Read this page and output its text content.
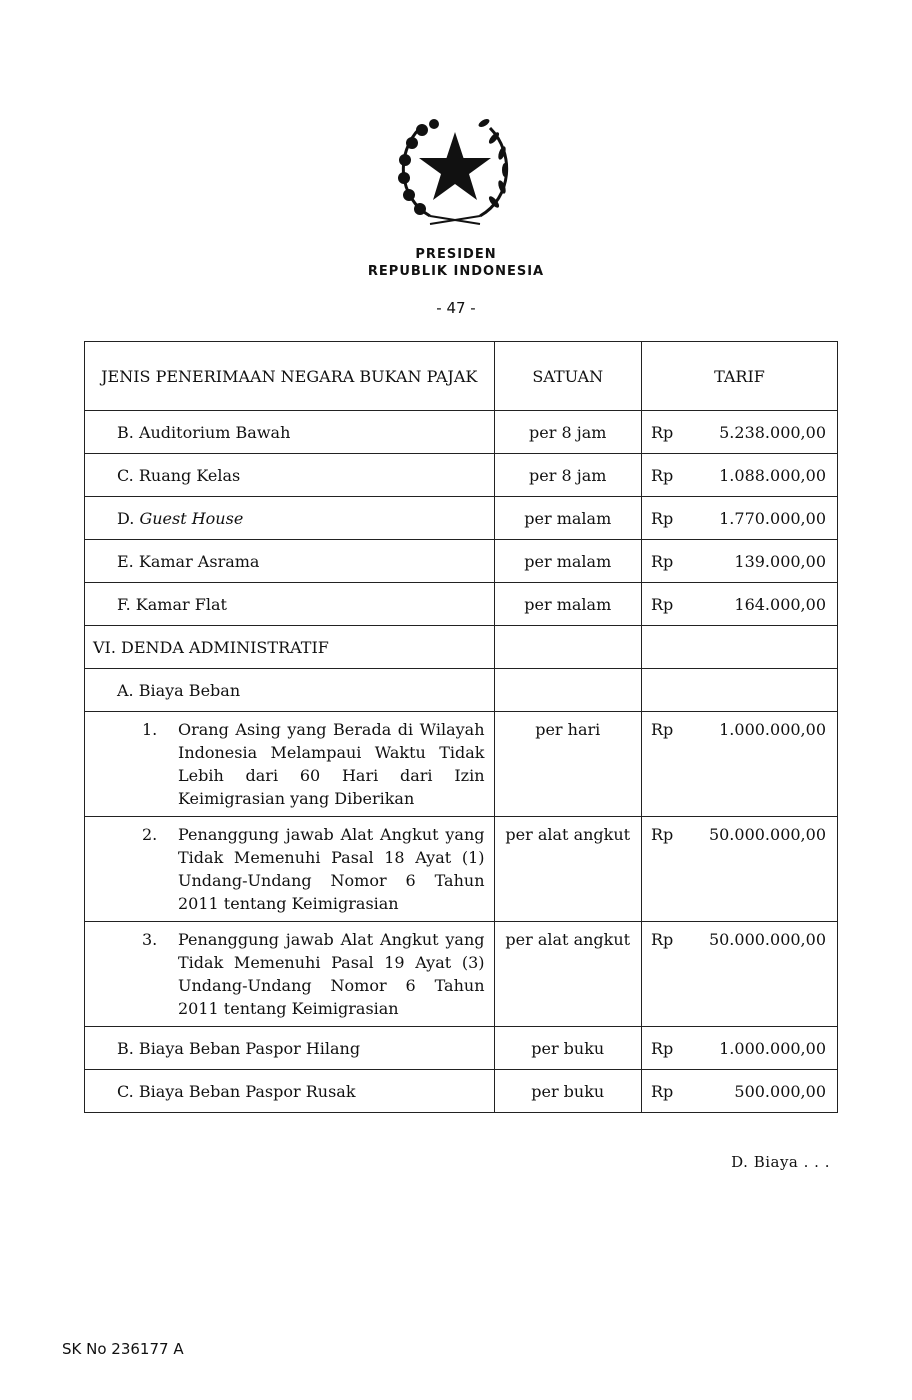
PRESIDEN
REPUBLIK INDONESIA
- 47 -
JENIS PENERIMAAN NEGARA BUKAN PAJAK	SATUAN	TARIF
B. Auditorium Bawah	per 8 jam	Rp 5.238.000,00

C. Ruang Kelas	per 8 jam	Rp 1.088.000,00

D. Guest House	per malam	Rp 1.770.000,00

E. Kamar Asrama	per malam	Rp 139.000,00

F. Kamar Flat	per malam	Rp 164.000,00

VI. DENDA ADMINISTRATIF		
A. Biaya Beban		

1. Orang Asing yang Berada di Wilayah Indonesia Melampaui Waktu Tidak Lebih dari 60 Hari dari Izin Keimigrasian yang Diberikan	per hari	Rp 1.000.000,00

2. Penanggung jawab Alat Angkut yang Tidak Memenuhi Pasal 18 Ayat (1) Undang-Undang Nomor 6 Tahun 2011 tentang Keimigrasian	per alat angkut	Rp 50.000.000,00

3. Penanggung jawab Alat Angkut yang Tidak Memenuhi Pasal 19 Ayat (3) Undang-Undang Nomor 6 Tahun 2011 tentang Keimigrasian	per alat angkut	Rp 50.000.000,00

B. Biaya Beban Paspor Hilang	per buku	Rp 1.000.000,00

C. Biaya Beban Paspor Rusak	per buku	Rp 500.000,00
D. Biaya . . .
SK No 236177 A
